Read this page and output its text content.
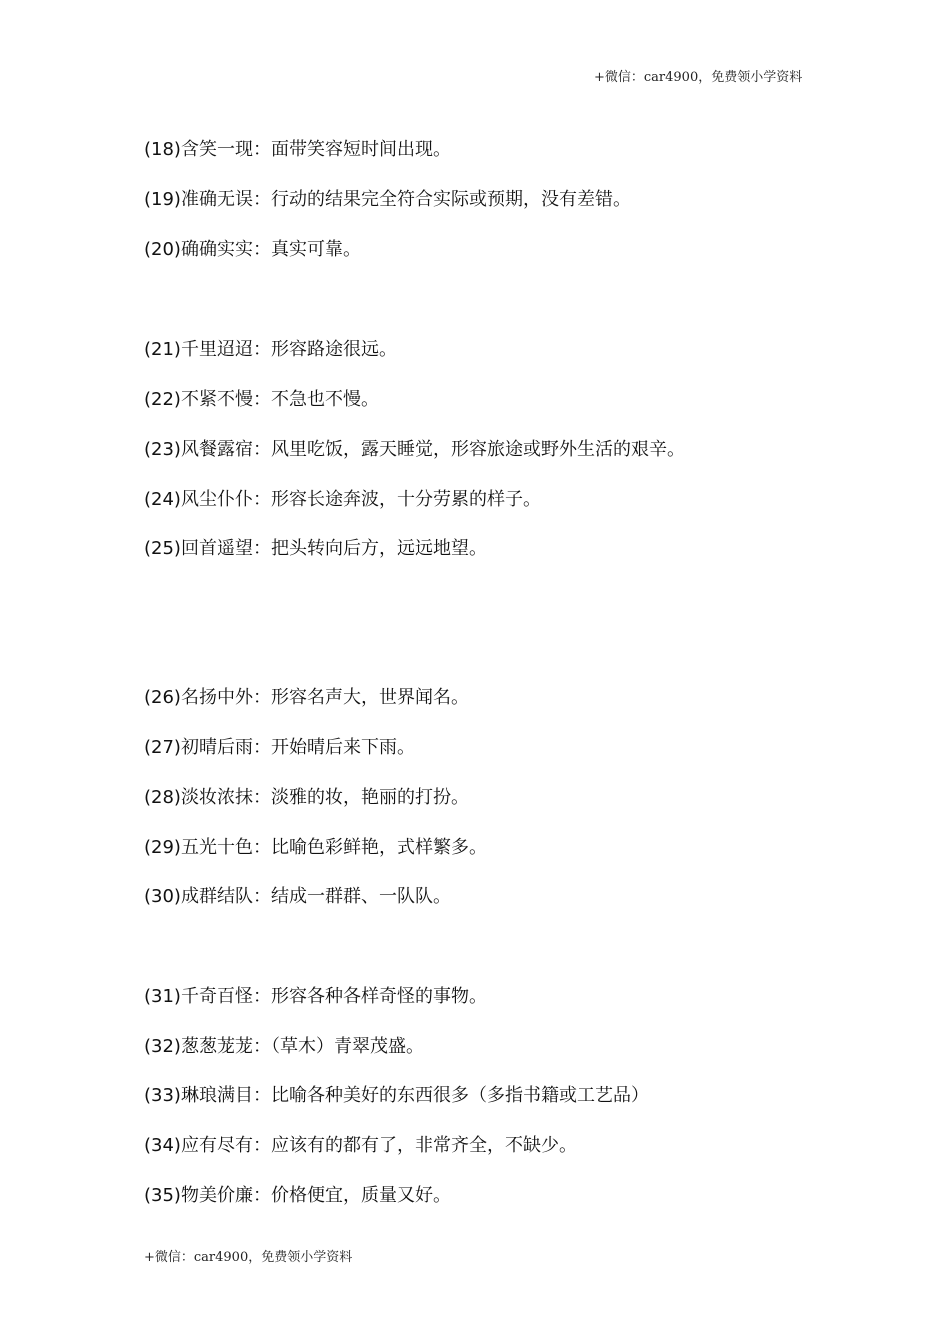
+微信：car4900，免费领小学资料
(18)含笑一现：面带笑容短时间出现。
(19)准确无误：行动的结果完全符合实际或预期，没有差错。
(20)确确实实：真实可靠。
(21)千里迢迢：形容路途很远。
(22)不紧不慢：不急也不慢。
(23)风餐露宿：风里吃饭，露天睡觉，形容旅途或野外生活的艰辛。
(24)风尘仆仆：形容长途奔波，十分劳累的样子。
(25)回首遥望：把头转向后方，远远地望。
(26)名扬中外：形容名声大，世界闻名。
(27)初晴后雨：开始晴后来下雨。
(28)淡妆浓抹：淡雅的妆，艳丽的打扮。
(29)五光十色：比喻色彩鲜艳，式样繁多。
(30)成群结队：结成一群群、一队队。
(31)千奇百怪：形容各种各样奇怪的事物。
(32)葱葱茏茏：（草木）青翠茂盛。
(33)琳琅满目：比喻各种美好的东西很多（多指书籍或工艺品）
(34)应有尽有：应该有的都有了，非常齐全，不缺少。
(35)物美价廉：价格便宜，质量又好。
+微信：car4900，免费领小学资料
